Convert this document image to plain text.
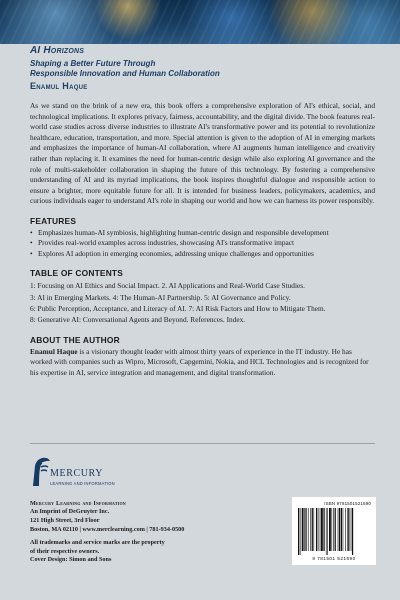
AI Horizons
Shaping a Better Future Through
Responsible Innovation and Human Collaboration
Enamul Haque

As we stand on the brink of a new era, this book offers a comprehensive exploration of AI's ethical, social, and technological implications. It explores privacy, fairness, accountability, and the digital divide. The book features real-world case studies across diverse industries to illustrate AI's transformative power and its potential to revolutionize healthcare, education, transportation, and more. Special attention is given to the adoption of AI in emerging markets and emphasizes the importance of human-AI collaboration, where AI augments human intelligence and creativity rather than replacing it. It examines the need for human-centric design while also exploring AI governance and the role of multi-stakeholder collaboration in shaping the future of this technology. By fostering a comprehensive understanding of AI and its myriad implications, the book inspires thoughtful dialogue and responsible action to ensure a brighter, more equitable future for all. It is intended for business leaders, policymakers, academics, and curious individuals eager to understand AI's role in shaping our world and how we can harness its power responsibly.

FEATURES
• Emphasizes human-AI symbiosis, highlighting human-centric design and responsible development
• Provides real-world examples across industries, showcasing AI's transformative impact
• Explores AI adoption in emerging economies, addressing unique challenges and opportunities
TABLE OF CONTENTS
1: Focusing on AI Ethics and Social Impact. 2. AI Applications and Real-World Case Studies.
3: AI in Emerging Markets. 4: The Human-AI Partnership. 5: AI Governance and Policy.
6: Public Perception, Acceptance, and Literacy of AI. 7: AI Risk Factors and How to Mitigate Them.
8: Generative AI: Conversational Agents and Beyond. References. Index.
ABOUT THE AUTHOR

Enamul Haque is a visionary thought leader with almost thirty years of experience in the IT industry. He has worked with companies such as Wipro, Microsoft, Capgemini, Nokia, and HCL Technologies and is recognized for his expertise in AI, service integration and management, and digital transformation.

MERCURY
LEARNING AND INFORMATION
Mercury Learning and Information
An Imprint of DeGruyter Inc.
121 High Street, 3rd Floor
Boston, MA 02110 | www.merclearning.com | 781-934-0500
All trademarks and service marks are the property
of their respective owners.
Cover Design: Simon and Sons
ISBN 9781501521690
9 781501 521690
